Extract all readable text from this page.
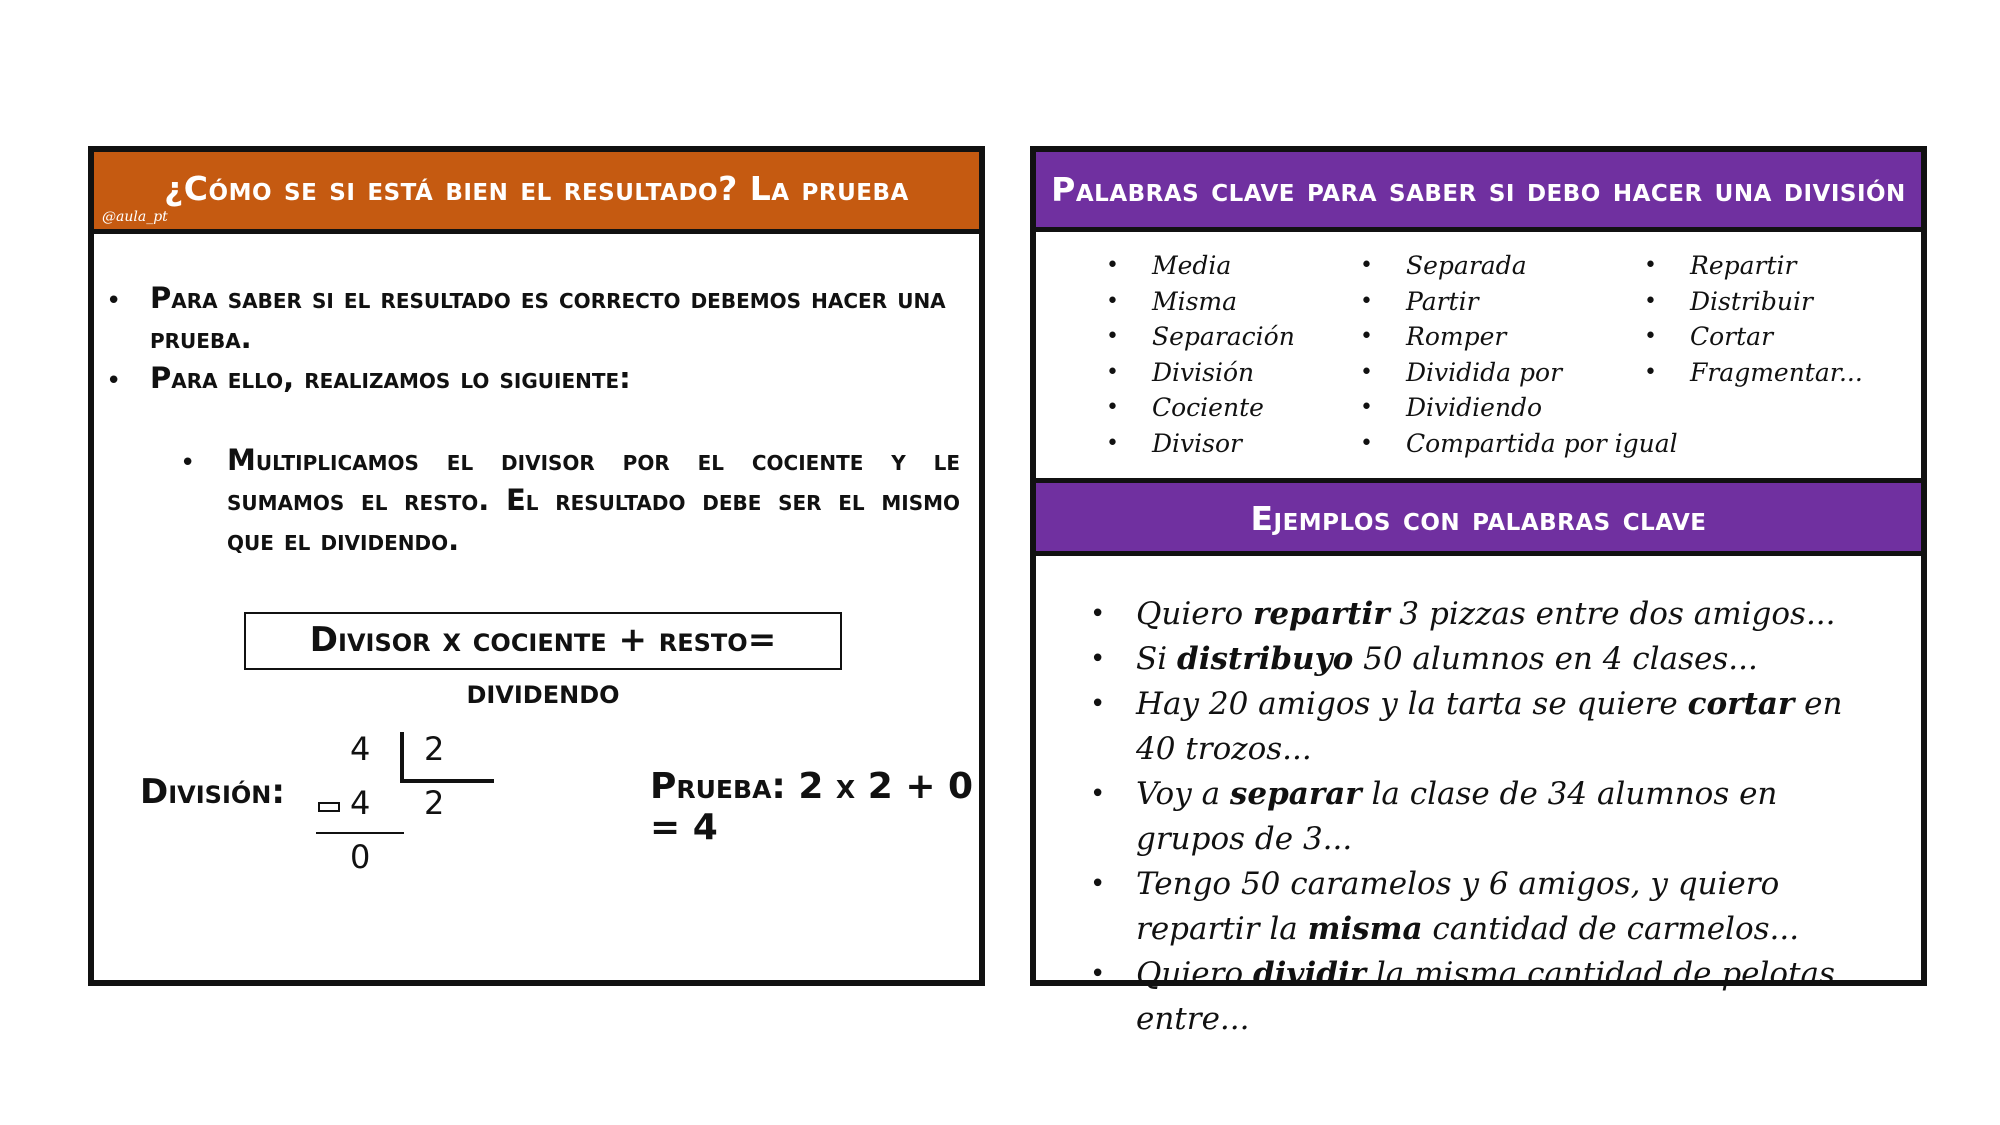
¿Cómo se si está bien el resultado? La prueba
@aula_pt
• Para saber si el resultado es correcto debemos hacer una prueba.
• Para ello, realizamos lo siguiente:
• Multiplicamos el divisor por el cociente y le sumamos el resto. El resultado debe ser el mismo que el dividendo.
Divisor x cociente + resto= dividendo
División:
4 2
4 2
0
Prueba: 2 x 2 + 0 = 4
Palabras clave para saber si debo hacer una división
@aula_pt
• Media
• Misma
• Separación
• División
• Cociente
• Divisor
• Separada
• Partir
• Romper
• Dividida por
• Dividiendo
• Compartida por igual
• Repartir
• Distribuir
• Cortar
• Fragmentar...
Ejemplos con palabras clave
• Quiero repartir 3 pizzas entre dos amigos...
• Si distribuyo 50 alumnos en 4 clases...
• Hay 20 amigos y la tarta se quiere cortar en 40 trozos...
• Voy a separar la clase de 34 alumnos en grupos de 3...
• Tengo 50 caramelos y 6 amigos, y quiero repartir la misma cantidad de carmelos...
• Quiero dividir la misma cantidad de pelotas entre...
